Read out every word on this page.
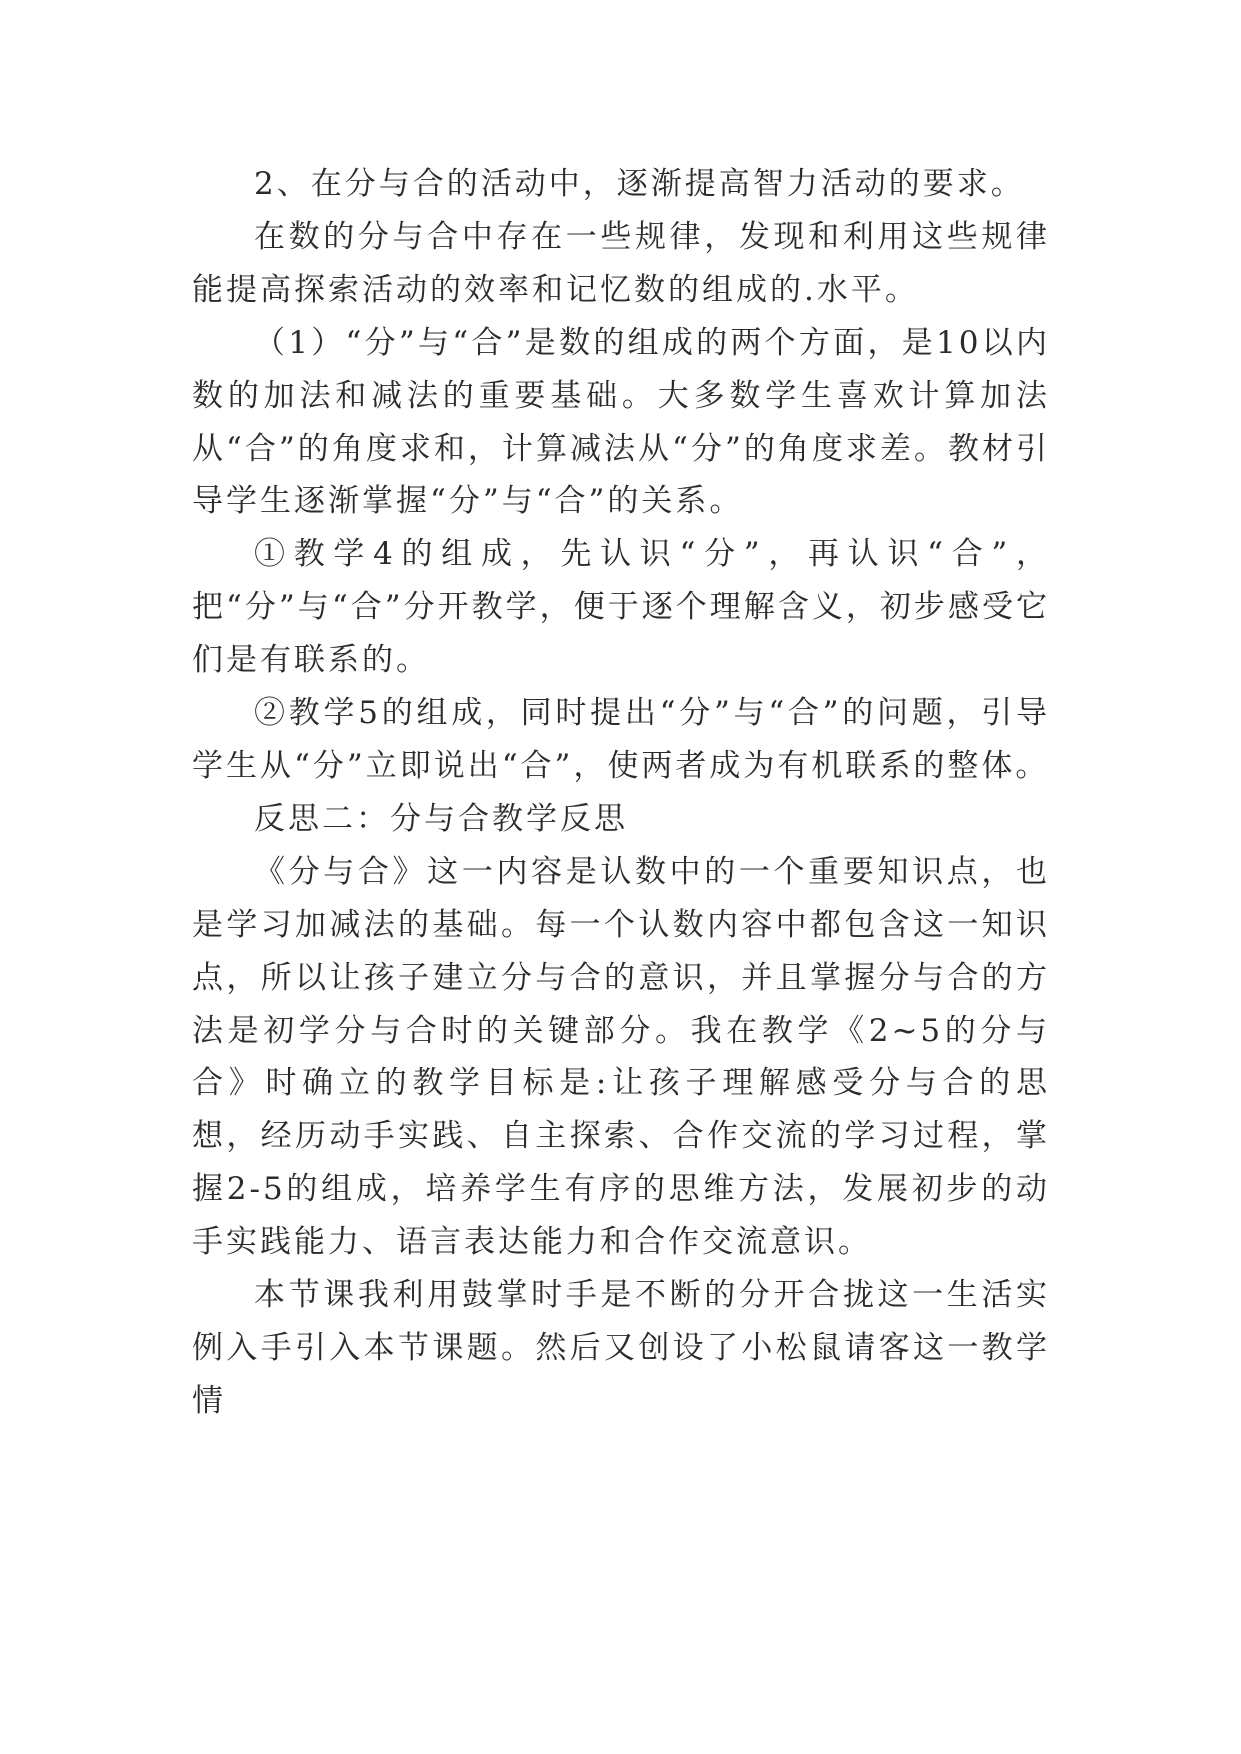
2、在分与合的活动中，逐渐提高智力活动的要求。

在数的分与合中存在一些规律，发现和利用这些规律能提高探索活动的效率和记忆数的组成的.水平。

（1）“分”与“合”是数的组成的两个方面，是10以内数的加法和减法的重要基础。大多数学生喜欢计算加法从“合”的角度求和，计算减法从“分”的角度求差。教材引导学生逐渐掌握“分”与“合”的关系。

①教学4的组成，先认识“分”，再认识“合”，把“分”与“合”分开教学，便于逐个理解含义，初步感受它们是有联系的。

②教学5的组成，同时提出“分”与“合”的问题，引导学生从“分”立即说出“合”，使两者成为有机联系的整体。

反思二：分与合教学反思

《分与合》这一内容是认数中的一个重要知识点，也是学习加减法的基础。每一个认数内容中都包含这一知识点，所以让孩子建立分与合的意识，并且掌握分与合的方法是初学分与合时的关键部分。我在教学《2~5的分与合》时确立的教学目标是:让孩子理解感受分与合的思想，经历动手实践、自主探索、合作交流的学习过程，掌握2-5的组成，培养学生有序的思维方法，发展初步的动手实践能力、语言表达能力和合作交流意识。

本节课我利用鼓掌时手是不断的分开合拢这一生活实例入手引入本节课题。然后又创设了小松鼠请客这一教学情
